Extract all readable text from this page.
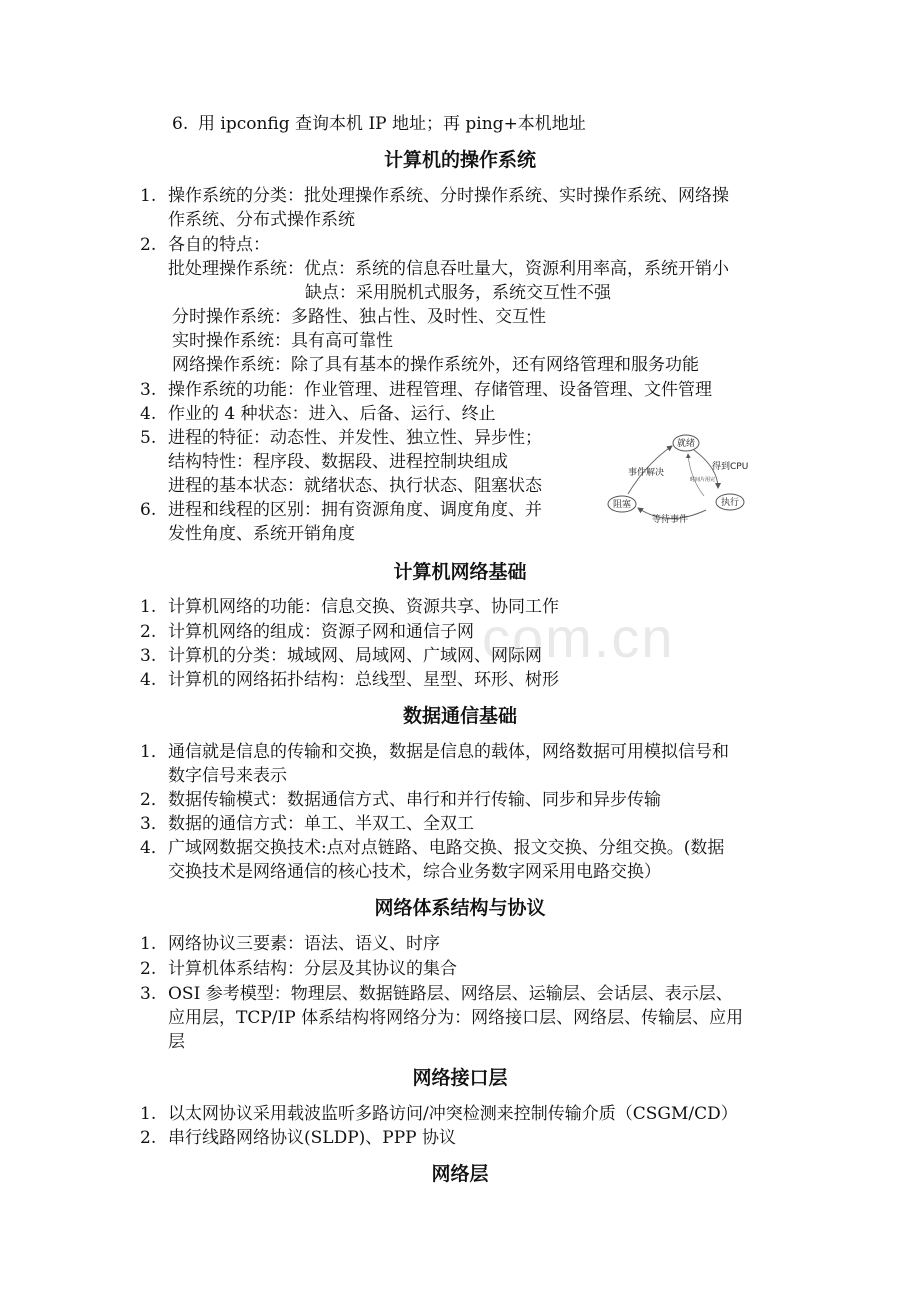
com.cn
6. 用 ipconfig 查询本机 IP 地址；再 ping+本机地址
计算机的操作系统
1. 操作系统的分类：批处理操作系统、分时操作系统、实时操作系统、网络操
作系统、分布式操作系统
2. 各自的特点：
批处理操作系统：优点：系统的信息吞吐量大，资源利用率高，系统开销小
缺点：采用脱机式服务，系统交互性不强
分时操作系统：多路性、独占性、及时性、交互性
实时操作系统：具有高可靠性
网络操作系统：除了具有基本的操作系统外，还有网络管理和服务功能
3. 操作系统的功能：作业管理、进程管理、存储管理、设备管理、文件管理
4. 作业的 4 种状态：进入、后备、运行、终止
5. 进程的特征：动态性、并发性、独立性、异步性；
结构特性：程序段、数据段、进程控制块组成
进程的基本状态：就绪状态、执行状态、阻塞状态
6. 进程和线程的区别：拥有资源角度、调度角度、并
发性角度、系统开销角度
就绪
执行
阻塞
得到CPU
事件解决
时间片用完
等待事件
计算机网络基础
1. 计算机网络的功能：信息交换、资源共享、协同工作
2. 计算机网络的组成：资源子网和通信子网
3. 计算机的分类：城域网、局域网、广域网、网际网
4. 计算机的网络拓扑结构：总线型、星型、环形、树形
数据通信基础
1． 通信就是信息的传输和交换，数据是信息的载体，网络数据可用模拟信号和
数字信号来表示
2． 数据传输模式：数据通信方式、串行和并行传输、同步和异步传输
3． 数据的通信方式：单工、半双工、全双工
4． 广域网数据交换技术:点对点链路、电路交换、报文交换、分组交换。(数据
交换技术是网络通信的核心技术，综合业务数字网采用电路交换）
网络体系结构与协议
1. 网络协议三要素：语法、语义、时序
2. 计算机体系结构：分层及其协议的集合
3. OSI 参考模型：物理层、数据链路层、网络层、运输层、会话层、表示层、
应用层，TCP/IP 体系结构将网络分为：网络接口层、网络层、传输层、应用
层
网络接口层
1. 以太网协议采用载波监听多路访问/冲突检测来控制传输介质（CSGM/CD）
2. 串行线路网络协议(SLDP)、PPP 协议
网络层
